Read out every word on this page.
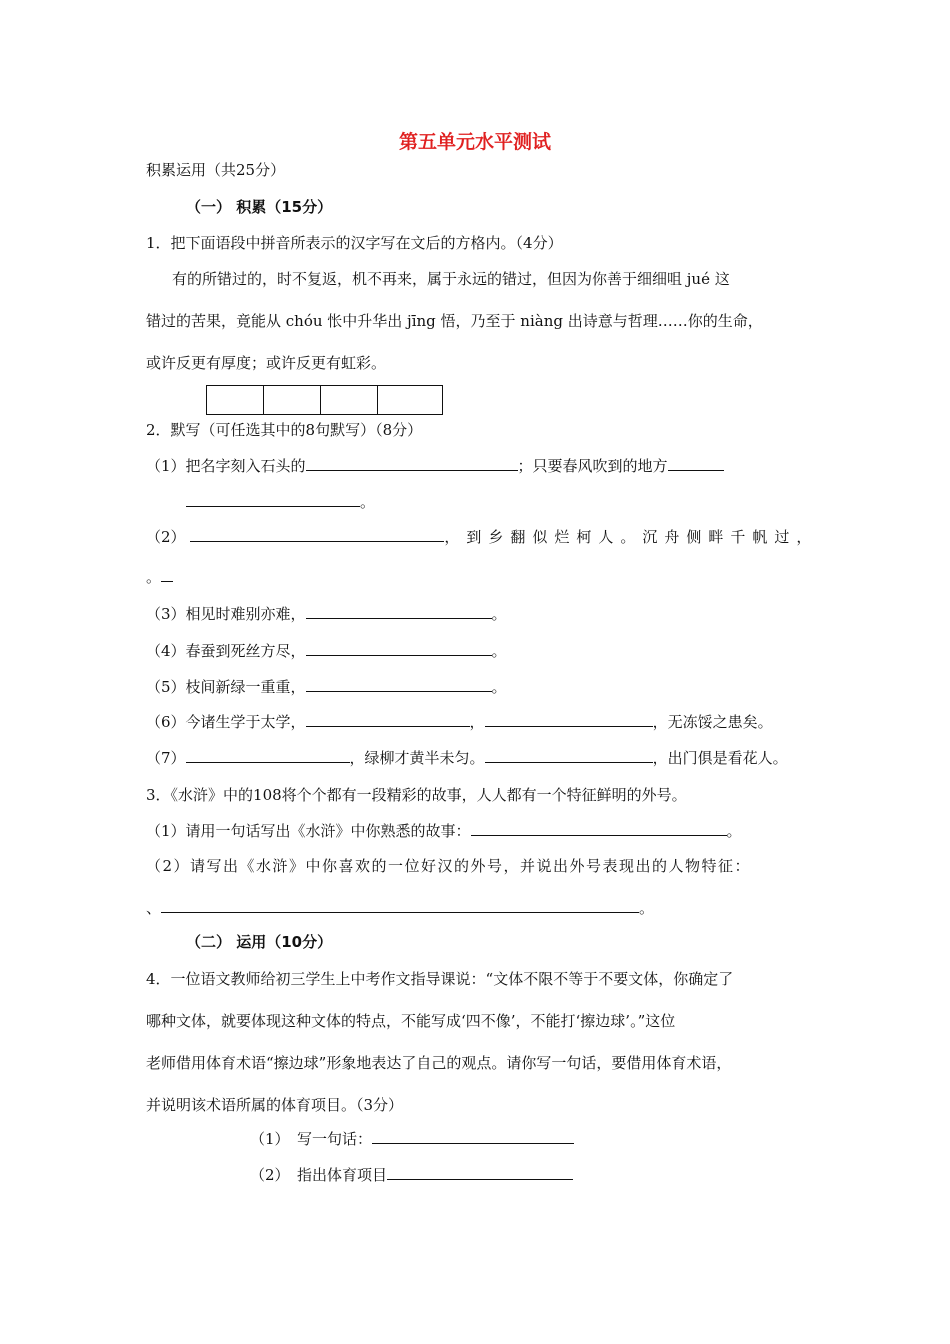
第五单元水平测试
积累运用（共25分）
（一） 积累（15分）
1．把下面语段中拼音所表示的汉字写在文后的方格内。（4分）
有的所错过的，时不复返，机不再来，属于永远的错过，但因为你善于细细咀 jué 这
错过的苦果，竟能从 chóu 怅中升华出 jīng 悟，乃至于 niàng 出诗意与哲理……你的生命，
或许反更有厚度；或许反更有虹彩。
2．默写（可任选其中的8句默写）（8分）
（1）把名字刻入石头的	；只要春风吹到的地方
。
（2）	，到乡翻似烂柯人。沉舟侧畔千帆过，
。
（3）相见时难别亦难，	。
（4）春蚕到死丝方尽，	。
（5）枝间新绿一重重，	。
（6）今诸生学于太学，	，	，无冻馁之患矣。
（7）	，绿柳才黄半未匀。	，出门俱是看花人。
3．《水浒》中的108将个个都有一段精彩的故事，人人都有一个特征鲜明的外号。
（1）请用一句话写出《水浒》中你熟悉的故事：	。
（2）请写出《水浒》中你喜欢的一位好汉的外号，并说出外号表现出的人物特征：
、	。
（二） 运用（10分）
4．一位语文教师给初三学生上中考作文指导课说：“文体不限不等于不要文体，你确定了
哪种文体，就要体现这种文体的特点，不能写成‘四不像’，不能打‘擦边球’。”这位
老师借用体育术语“擦边球”形象地表达了自己的观点。请你写一句话，要借用体育术语，
并说明该术语所属的体育项目。（3分）
（1）　写一句话：
（2）　指出体育项目
